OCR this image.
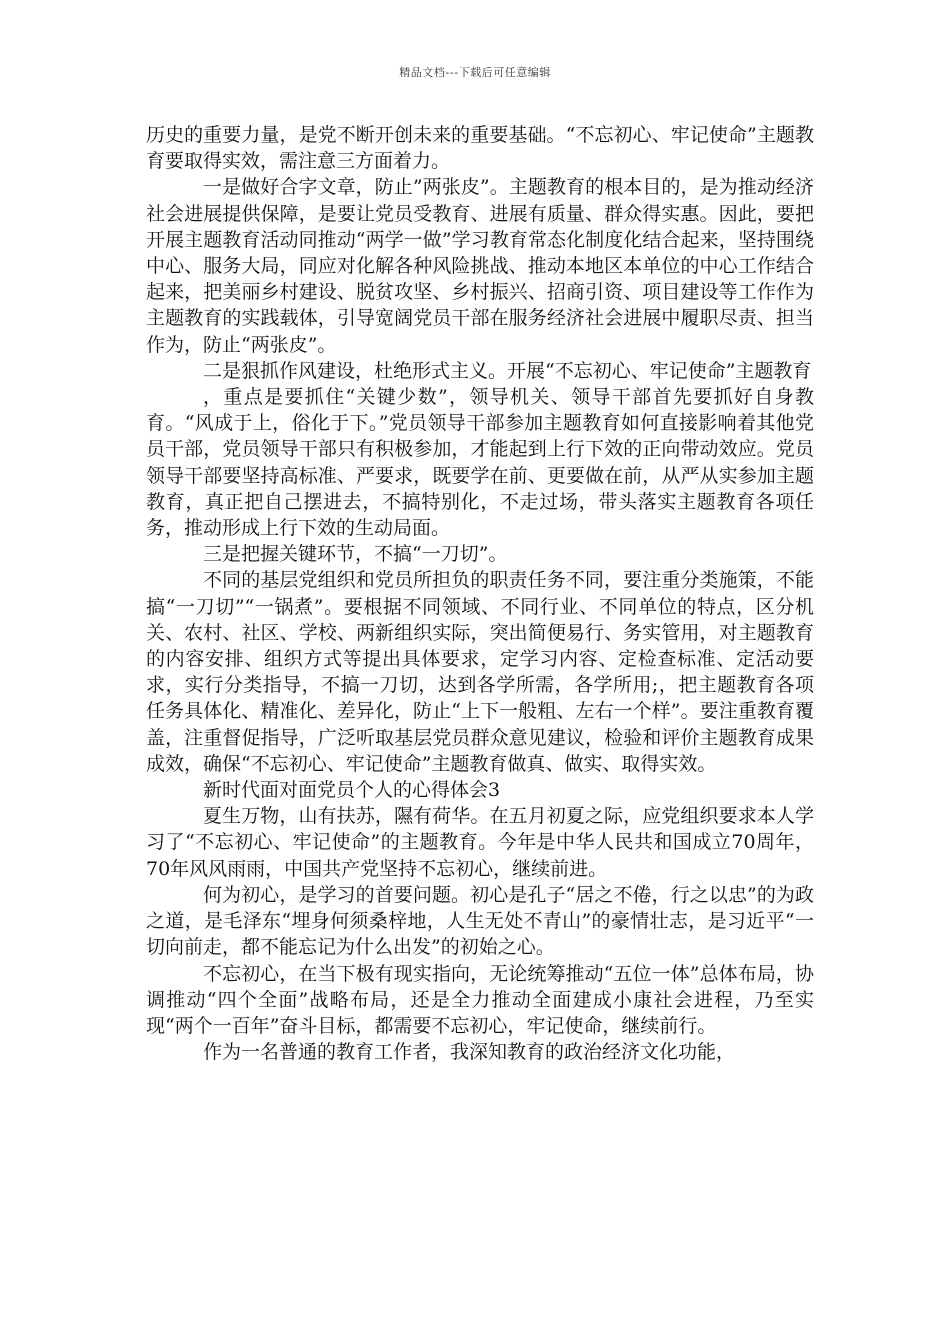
精品文档---下载后可任意编辑

历史的重要力量，是党不断开创未来的重要基础。“不忘初心、牢记使命”主题教育要取得实效，需注意三方面着力。

一是做好合字文章，防止”两张皮”。主题教育的根本目的，是为推动经济社会进展提供保障，是要让党员受教育、进展有质量、群众得实惠。因此，要把开展主题教育活动同推动“两学一做”学习教育常态化制度化结合起来，坚持围绕中心、服务大局，同应对化解各种风险挑战、推动本地区本单位的中心工作结合起来，把美丽乡村建设、脱贫攻坚、乡村振兴、招商引资、项目建设等工作作为主题教育的实践载体，引导宽阔党员干部在服务经济社会进展中履职尽责、担当作为，防止“两张皮”。

二是狠抓作风建设，杜绝形式主义。开展“不忘初心、牢记使命”主题教育

，重点是要抓住“关键少数”，领导机关、领导干部首先要抓好自身教育。“风成于上，俗化于下。”党员领导干部参加主题教育如何直接影响着其他党员干部，党员领导干部只有积极参加，才能起到上行下效的正向带动效应。党员领导干部要坚持高标准、严要求，既要学在前、更要做在前，从严从实参加主题教育，真正把自己摆进去，不搞特别化，不走过场，带头落实主题教育各项任务，推动形成上行下效的生动局面。

三是把握关键环节，不搞“一刀切”。

不同的基层党组织和党员所担负的职责任务不同，要注重分类施策，不能搞“一刀切”“一锅煮”。要根据不同领域、不同行业、不同单位的特点，区分机关、农村、社区、学校、两新组织实际，突出简便易行、务实管用，对主题教育的内容安排、组织方式等提出具体要求，定学习内容、定检查标准、定活动要求，实行分类指导，不搞一刀切，达到各学所需，各学所用;，把主题教育各项任务具体化、精准化、差异化，防止“上下一般粗、左右一个样”。要注重教育覆盖，注重督促指导，广泛听取基层党员群众意见建议，检验和评价主题教育成果成效，确保“不忘初心、牢记使命”主题教育做真、做实、取得实效。

新时代面对面党员个人的心得体会3

夏生万物，山有扶苏，隰有荷华。在五月初夏之际，应党组织要求本人学习了“不忘初心、牢记使命”的主题教育。今年是中华人民共和国成立70周年，70年风风雨雨，中国共产党坚持不忘初心，继续前进。

何为初心，是学习的首要问题。初心是孔子“居之不倦，行之以忠”的为政之道，是毛泽东“埋身何须桑梓地，人生无处不青山”的豪情壮志，是习近平“一切向前走，都不能忘记为什么出发”的初始之心。

不忘初心，在当下极有现实指向，无论统筹推动“五位一体”总体布局，协调推动“四个全面”战略布局，还是全力推动全面建成小康社会进程，乃至实现“两个一百年”奋斗目标，都需要不忘初心，牢记使命，继续前行。

作为一名普通的教育工作者，我深知教育的政治经济文化功能，
